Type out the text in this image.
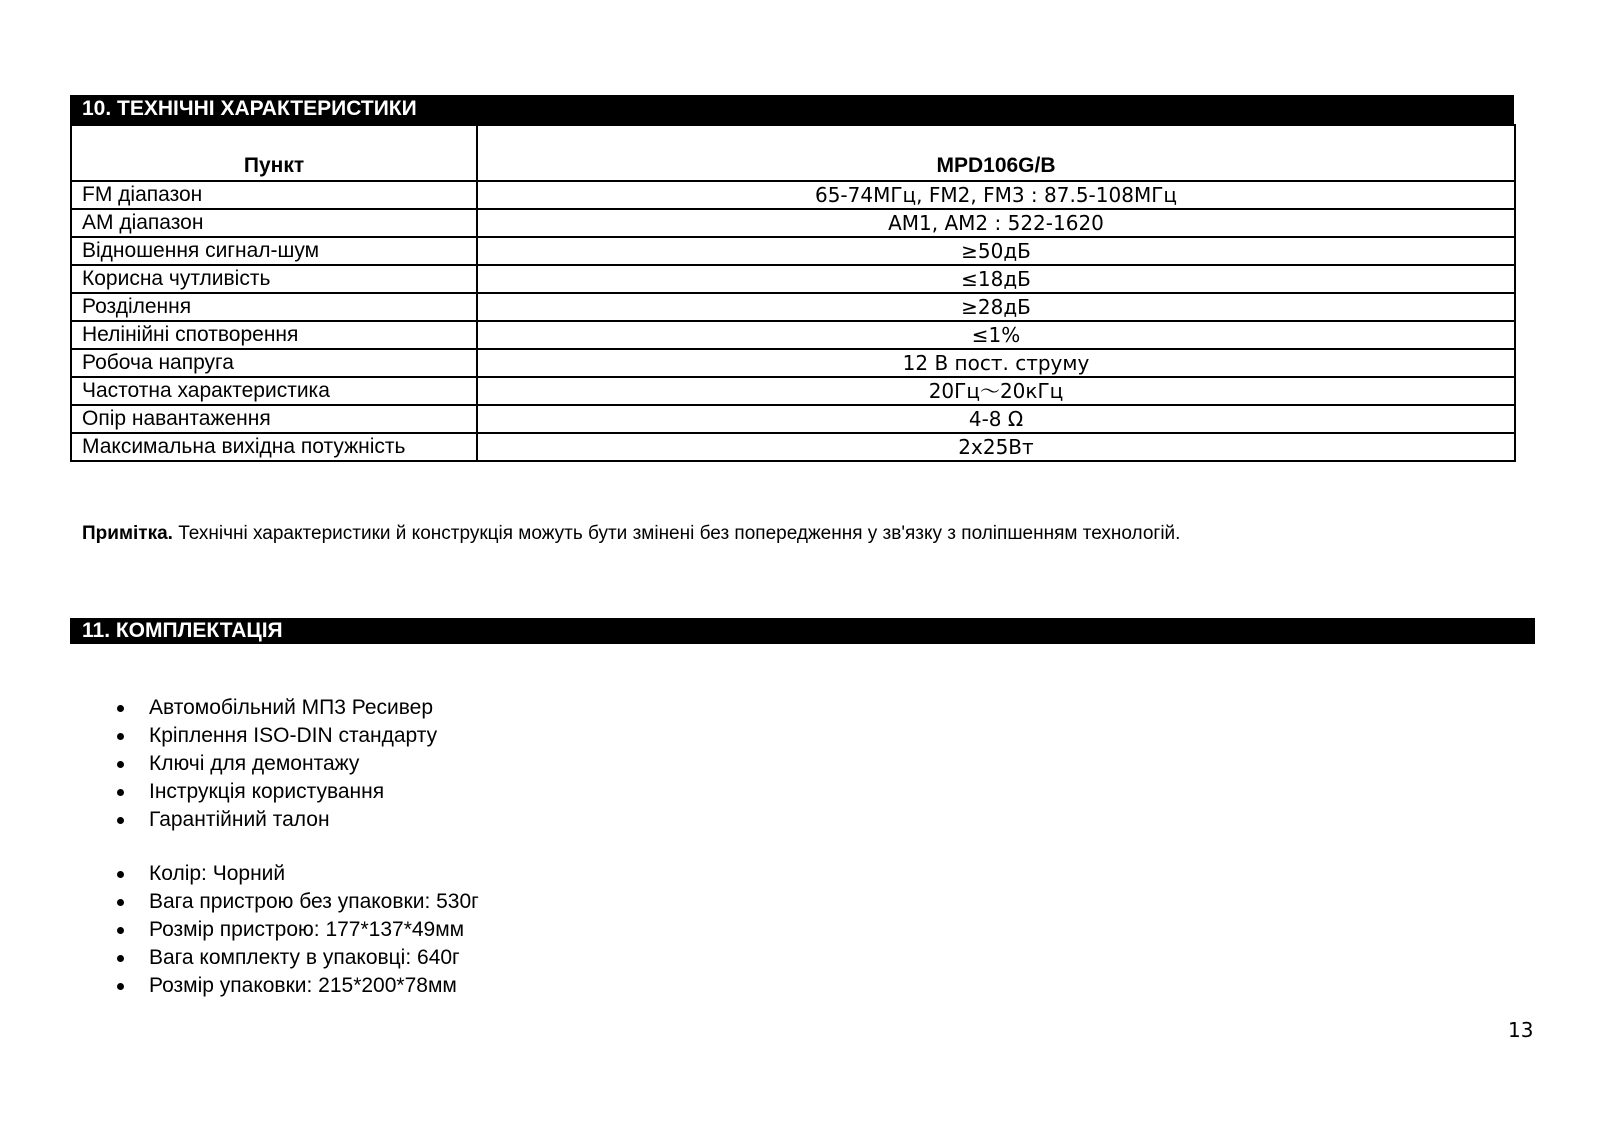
10. ТЕХНІЧНІ ХАРАКТЕРИСТИКИ
Пункт	MPD106G/B
FM діапазон	65-74МГц, FM2, FM3 : 87.5-108МГц
AM діапазон	AM1, AM2 : 522-1620
Відношення сигнал-шум	≥50дБ
Корисна чутливість	≤18дБ
Розділення	≥28дБ
Нелінійні спотворення	≤1%
Робоча напруга	12 В пост. струму
Частотна характеристика	20Гц～20кГц
Опір навантаження	4-8 Ω
Максимальна вихідна потужність	2х25Вт
Примітка. Технічні характеристики й конструкція можуть бути змінені без попередження у зв'язку з поліпшенням технологій.
11. КОМПЛЕКТАЦІЯ
Автомобільний МП3 Ресивер
Кріплення ISO-DIN стандарту
Ключі для демонтажу
Інструкція користування
Гарантійний талон
Колір: Чорний
Вага пристрою без упаковки: 530г
Розмір пристрою: 177*137*49мм
Вага комплекту в упаковці: 640г
Розмір упаковки: 215*200*78мм
13
